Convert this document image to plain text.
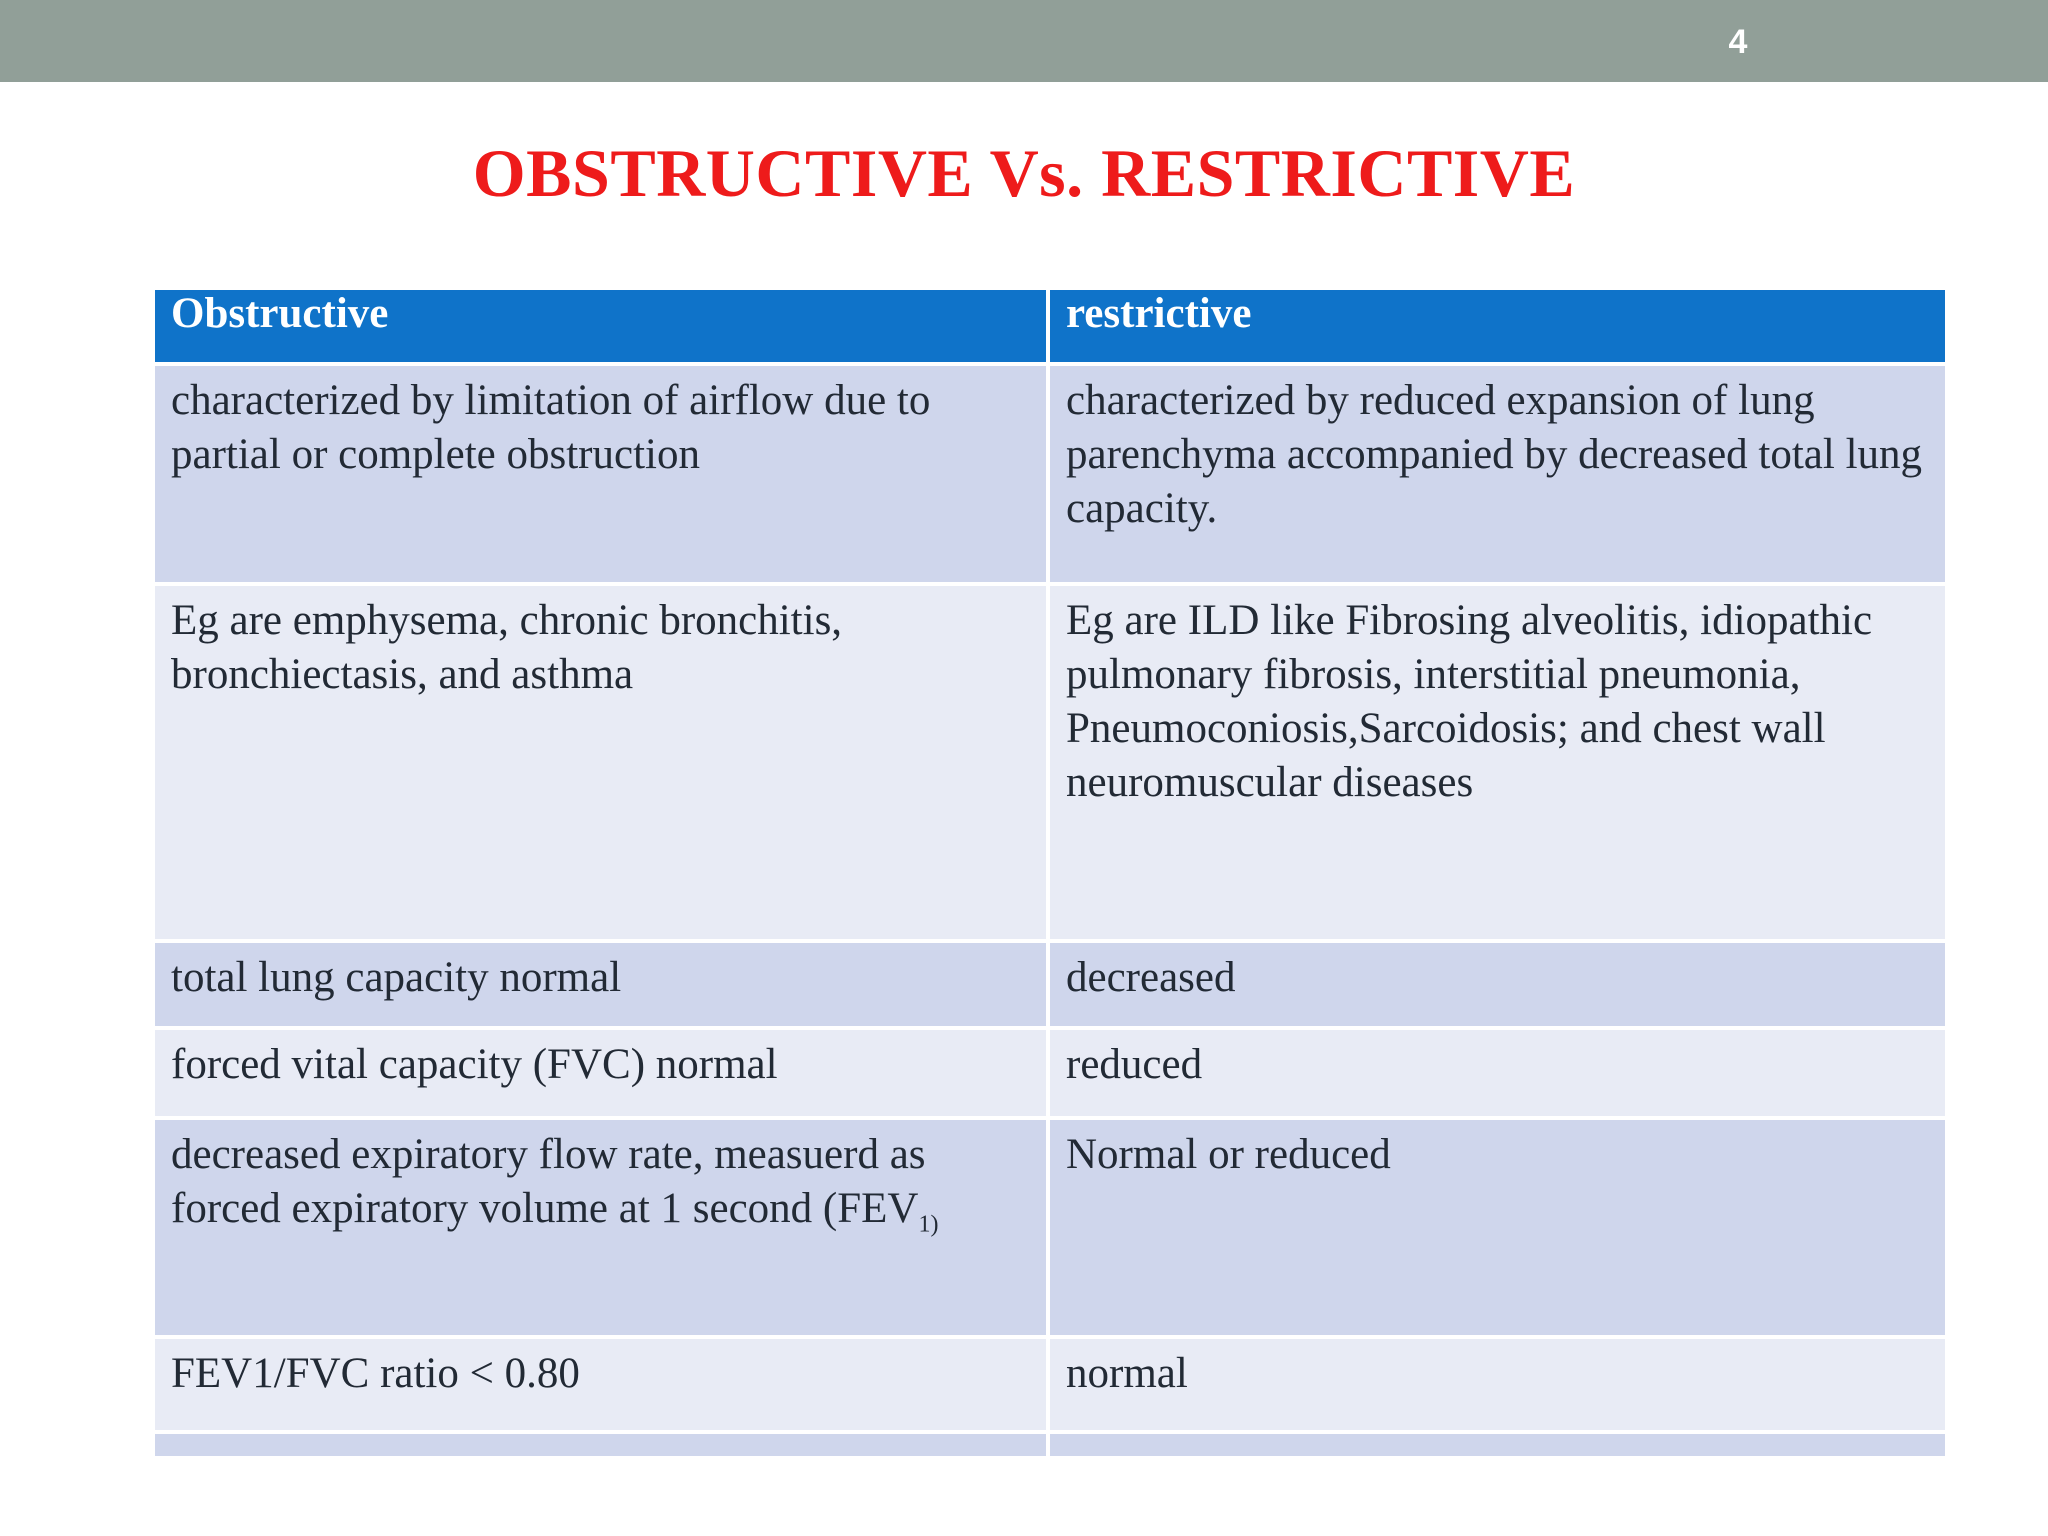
4
OBSTRUCTIVE Vs. RESTRICTIVE
Obstructive	restrictive
characterized by limitation of airflow due to partial or complete obstruction	characterized by reduced expansion of lung parenchyma accompanied by decreased total lung capacity.
Eg are emphysema, chronic bronchitis, bronchiectasis, and asthma	Eg are ILD like Fibrosing alveolitis, idiopathic pulmonary fibrosis, interstitial pneumonia, Pneumoconiosis,Sarcoidosis; and chest wall neuromuscular diseases
total lung capacity normal	decreased
forced vital capacity (FVC) normal	reduced
decreased expiratory flow rate, measuerd as forced expiratory volume at 1 second ($FEV_{1)}$	Normal or reduced
FEV1/FVC ratio < 0.80	normal
